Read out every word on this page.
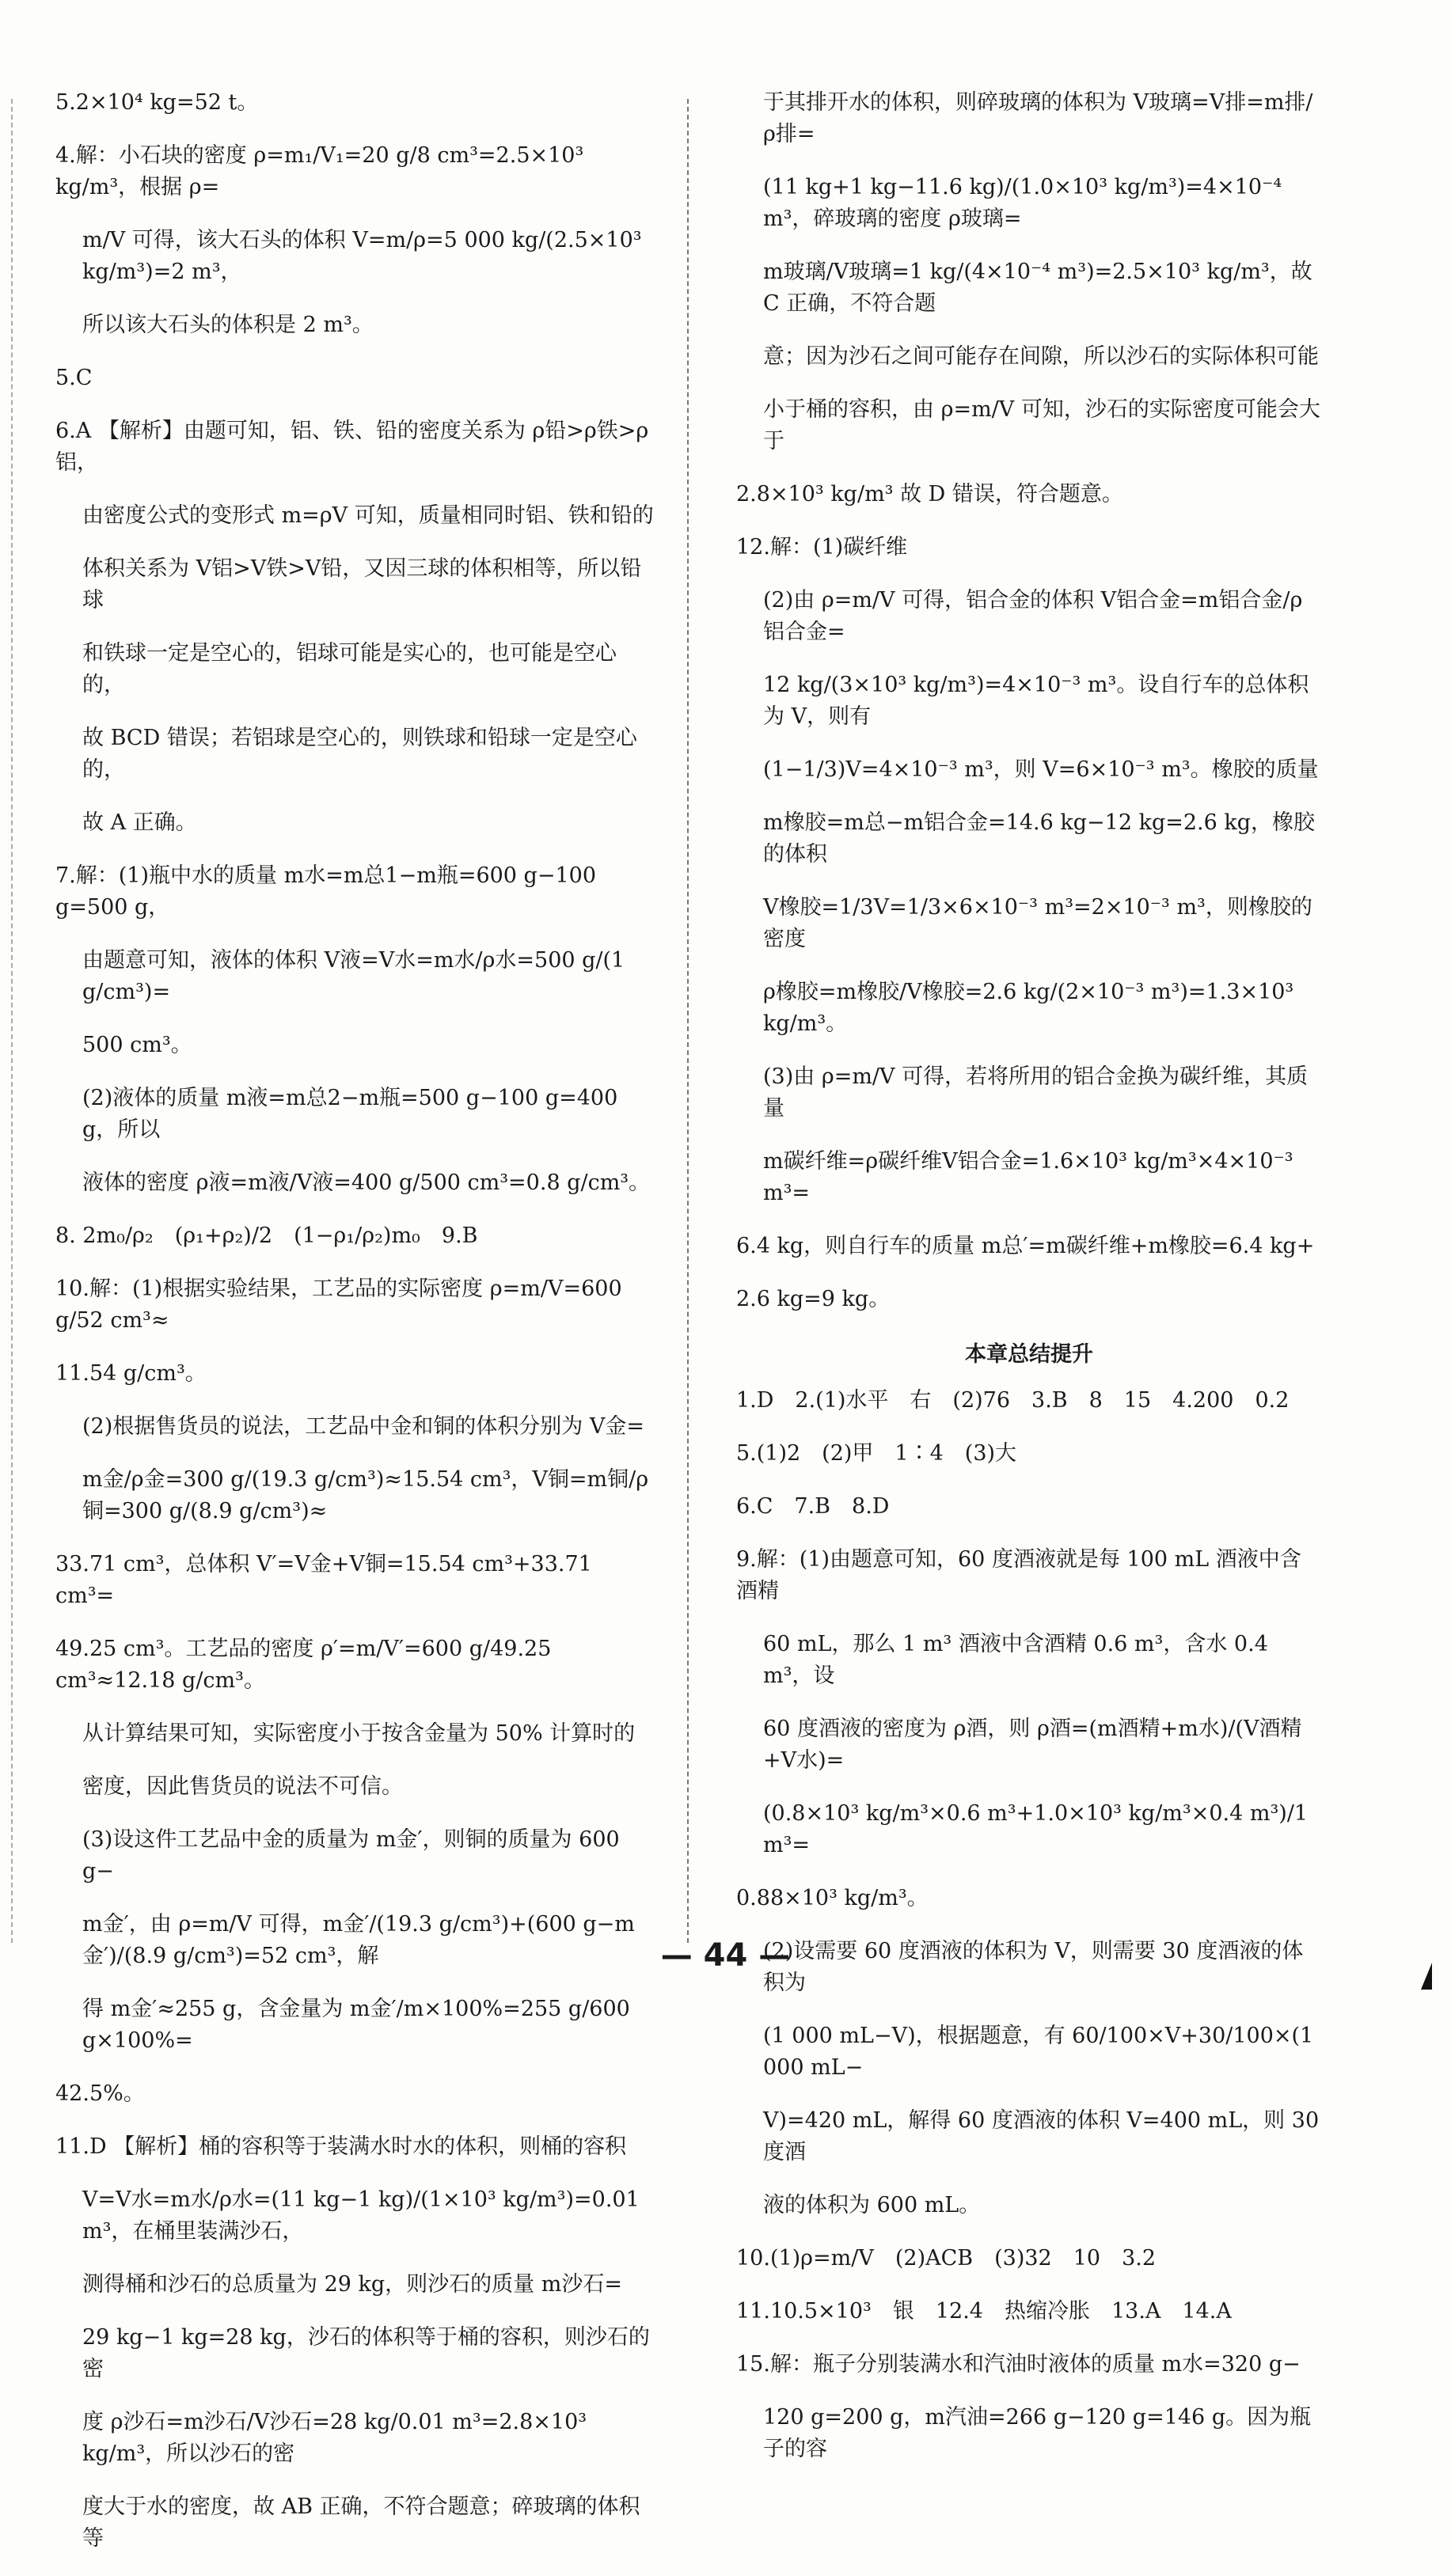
5.2×10⁴ kg=52 t。
4.解：小石块的密度 ρ=m₁/V₁=20 g/8 cm³=2.5×10³ kg/m³，根据 ρ=
m/V 可得，该大石头的体积 V=m/ρ=5 000 kg/(2.5×10³ kg/m³)=2 m³，
所以该大石头的体积是 2 m³。
5.C
6.A 【解析】由题可知，铝、铁、铅的密度关系为 ρ铅>ρ铁>ρ铝，
由密度公式的变形式 m=ρV 可知，质量相同时铝、铁和铅的
体积关系为 V铝>V铁>V铅，又因三球的体积相等，所以铅球
和铁球一定是空心的，铝球可能是实心的，也可能是空心的，
故 BCD 错误；若铝球是空心的，则铁球和铅球一定是空心的，
故 A 正确。
7.解：(1)瓶中水的质量 m水=m总1−m瓶=600 g−100 g=500 g，
由题意可知，液体的体积 V液=V水=m水/ρ水=500 g/(1 g/cm³)=
500 cm³。
(2)液体的质量 m液=m总2−m瓶=500 g−100 g=400 g，所以
液体的密度 ρ液=m液/V液=400 g/500 cm³=0.8 g/cm³。
8. 2m₀/ρ₂　(ρ₁+ρ₂)/2　(1−ρ₁/ρ₂)m₀　9.B
10.解：(1)根据实验结果，工艺品的实际密度 ρ=m/V=600 g/52 cm³≈
11.54 g/cm³。
(2)根据售货员的说法，工艺品中金和铜的体积分别为 V金=
m金/ρ金=300 g/(19.3 g/cm³)≈15.54 cm³，V铜=m铜/ρ铜=300 g/(8.9 g/cm³)≈
33.71 cm³，总体积 V′=V金+V铜=15.54 cm³+33.71 cm³=
49.25 cm³。工艺品的密度 ρ′=m/V′=600 g/49.25 cm³≈12.18 g/cm³。
从计算结果可知，实际密度小于按含金量为 50% 计算时的
密度，因此售货员的说法不可信。
(3)设这件工艺品中金的质量为 m金′，则铜的质量为 600 g−
m金′，由 ρ=m/V 可得，m金′/(19.3 g/cm³)+(600 g−m金′)/(8.9 g/cm³)=52 cm³，解
得 m金′≈255 g，含金量为 m金′/m×100%=255 g/600 g×100%=
42.5%。
11.D 【解析】桶的容积等于装满水时水的体积，则桶的容积
V=V水=m水/ρ水=(11 kg−1 kg)/(1×10³ kg/m³)=0.01 m³，在桶里装满沙石，
测得桶和沙石的总质量为 29 kg，则沙石的质量 m沙石=
29 kg−1 kg=28 kg，沙石的体积等于桶的容积，则沙石的密
度 ρ沙石=m沙石/V沙石=28 kg/0.01 m³=2.8×10³ kg/m³，所以沙石的密
度大于水的密度，故 AB 正确，不符合题意；碎玻璃的体积等
于其排开水的体积，则碎玻璃的体积为 V玻璃=V排=m排/ρ排=
(11 kg+1 kg−11.6 kg)/(1.0×10³ kg/m³)=4×10⁻⁴ m³，碎玻璃的密度 ρ玻璃=
m玻璃/V玻璃=1 kg/(4×10⁻⁴ m³)=2.5×10³ kg/m³，故 C 正确，不符合题
意；因为沙石之间可能存在间隙，所以沙石的实际体积可能
小于桶的容积，由 ρ=m/V 可知，沙石的实际密度可能会大于
2.8×10³ kg/m³ 故 D 错误，符合题意。
12.解：(1)碳纤维
(2)由 ρ=m/V 可得，铝合金的体积 V铝合金=m铝合金/ρ铝合金=
12 kg/(3×10³ kg/m³)=4×10⁻³ m³。设自行车的总体积为 V，则有
(1−1/3)V=4×10⁻³ m³，则 V=6×10⁻³ m³。橡胶的质量
m橡胶=m总−m铝合金=14.6 kg−12 kg=2.6 kg，橡胶的体积
V橡胶=1/3V=1/3×6×10⁻³ m³=2×10⁻³ m³，则橡胶的密度
ρ橡胶=m橡胶/V橡胶=2.6 kg/(2×10⁻³ m³)=1.3×10³ kg/m³。
(3)由 ρ=m/V 可得，若将所用的铝合金换为碳纤维，其质量
m碳纤维=ρ碳纤维V铝合金=1.6×10³ kg/m³×4×10⁻³ m³=
6.4 kg，则自行车的质量 m总′=m碳纤维+m橡胶=6.4 kg+
2.6 kg=9 kg。
本章总结提升
1.D　2.(1)水平　右　(2)76　3.B　8　15　4.200　0.2
5.(1)2　(2)甲　1∶4　(3)大
6.C　7.B　8.D
9.解：(1)由题意可知，60 度酒液就是每 100 mL 酒液中含酒精
60 mL，那么 1 m³ 酒液中含酒精 0.6 m³，含水 0.4 m³，设
60 度酒液的密度为 ρ酒，则 ρ酒=(m酒精+m水)/(V酒精+V水)=
(0.8×10³ kg/m³×0.6 m³+1.0×10³ kg/m³×0.4 m³)/1 m³=
0.88×10³ kg/m³。
(2)设需要 60 度酒液的体积为 V，则需要 30 度酒液的体积为
(1 000 mL−V)，根据题意，有 60/100×V+30/100×(1 000 mL−
V)=420 mL，解得 60 度酒液的体积 V=400 mL，则 30 度酒
液的体积为 600 mL。
10.(1)ρ=m/V　(2)ACB　(3)32　10　3.2
11.10.5×10³　银　12.4　热缩冷胀　13.A　14.A
15.解：瓶子分别装满水和汽油时液体的质量 m水=320 g−
120 g=200 g，m汽油=266 g−120 g=146 g。因为瓶子的容
— 44 —
